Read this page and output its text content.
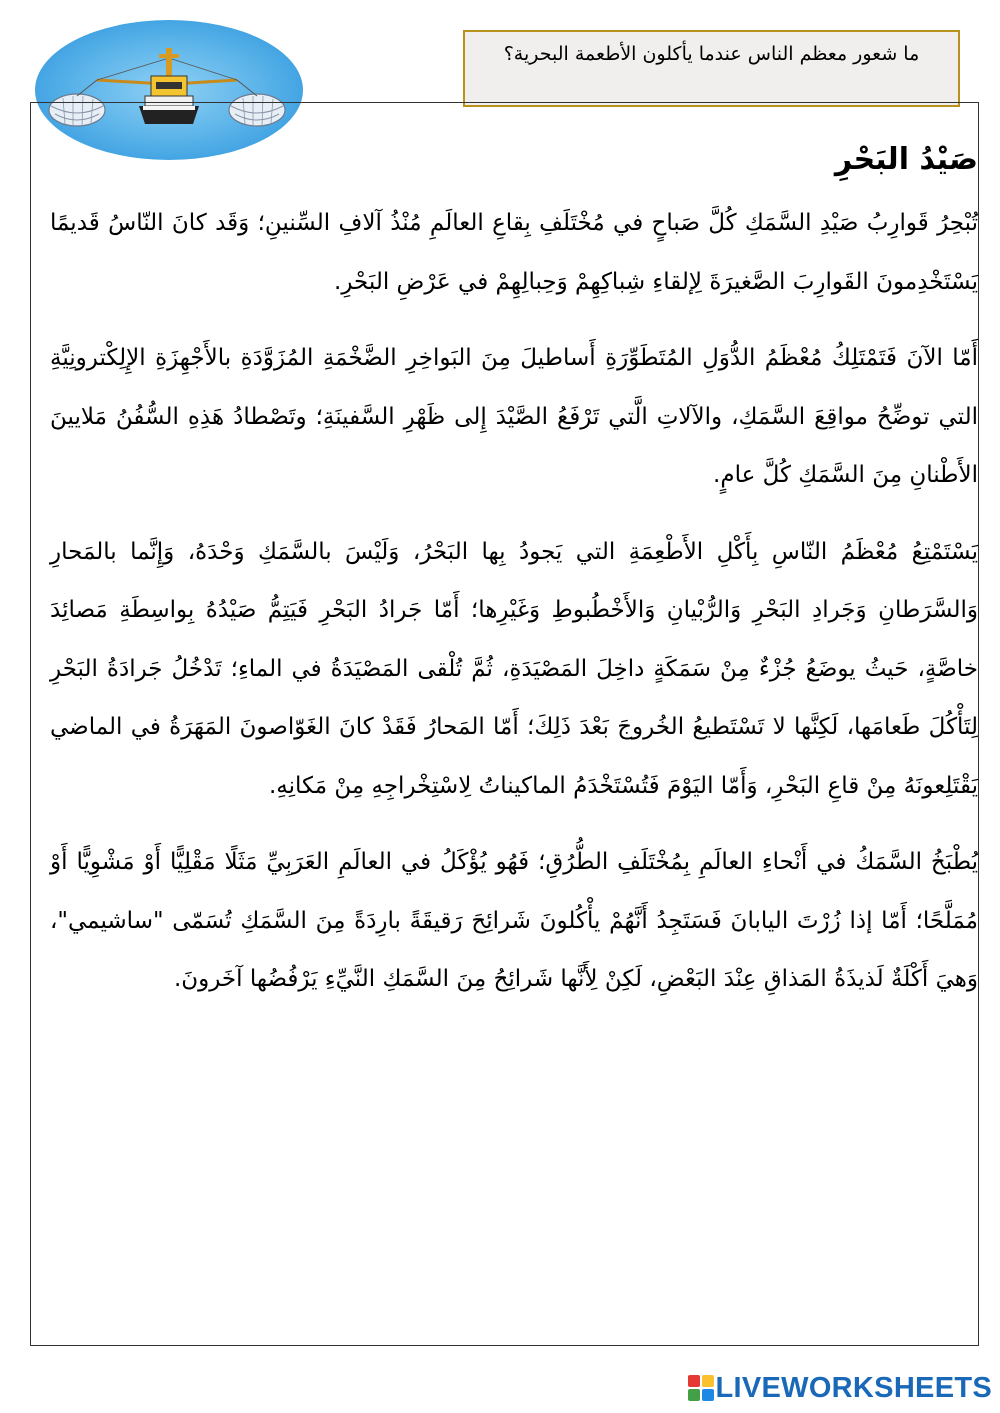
ما شعور معظم الناس عندما يأكلون الأطعمة البحرية؟
صَيْدُ البَحْرِ

تُبْحِرُ قَوارِبُ صَيْدِ السَّمَكِ كُلَّ صَباحٍ في مُخْتَلَفِ بِقاعِ العالَمِ مُنْذُ آلافِ السِّنينِ؛ وَقَد كانَ النّاسُ قَديمًا يَسْتَخْدِمونَ القَوارِبَ الصَّغيرَةَ لِإلقاءِ شِباكِهِمْ وَحِبالِهِمْ في عَرْضِ البَحْرِ.

أَمّا الآنَ فَتَمْتَلِكُ مُعْظَمُ الدُّوَلِ المُتَطَوِّرَةِ أَساطيلَ مِنَ البَواخِرِ الضَّخْمَةِ المُزَوَّدَةِ بالأَجْهِزَةِ الإِلِكْترونِيَّةِ التي توضِّحُ مواقِعَ السَّمَكِ، والآلاتِ الَّتي تَرْفَعُ الصَّيْدَ إِلى ظَهْرِ السَّفينَةِ؛ وتَصْطادُ هَذِهِ السُّفُنُ مَلايينَ الأَطْنانِ مِنَ السَّمَكِ كُلَّ عامٍ.

يَسْتَمْتِعُ مُعْظَمُ النّاسِ بِأَكْلِ الأَطْعِمَةِ التي يَجودُ بِها البَحْرُ، وَلَيْسَ بالسَّمَكِ وَحْدَهُ، وَإِنَّما بالمَحارِ وَالسَّرَطانِ وَجَرادِ البَحْرِ وَالرُّبْيانِ وَالأَخْطُبوطِ وَغَيْرِها؛ أَمّا جَرادُ البَحْرِ فَيَتِمُّ صَيْدُهُ بِواسِطَةِ مَصائِدَ خاصَّةٍ، حَيثُ يوضَعُ جُزْءٌ مِنْ سَمَكَةٍ داخِلَ المَصْيَدَةِ، ثُمَّ تُلْقى المَصْيَدَةُ في الماءِ؛ تَدْخُلُ جَرادَةُ البَحْرِ لِتَأْكُلَ طَعامَها، لَكِنَّها لا تَسْتَطيعُ الخُروجَ بَعْدَ ذَلِكَ؛ أَمّا المَحارُ فَقَدْ كانَ الغَوّاصونَ المَهَرَةُ في الماضي يَقْتَلِعونَهُ مِنْ قاعِ البَحْرِ، وَأَمّا اليَوْمَ فَتُسْتَخْدَمُ الماكيناتُ لِاسْتِخْراجِهِ مِنْ مَكانِهِ.

يُطْبَخُ السَّمَكُ في أَنْحاءِ العالَمِ بِمُخْتَلَفِ الطُّرُقِ؛ فَهُو يُؤْكَلُ في العالَمِ العَرَبِيِّ مَثَلًا مَقْلِيًّا أَوْ مَشْوِيًّا أَوْ مُمَلَّحًا؛ أَمّا إذا زُرْتَ اليابانَ فَسَتَجِدُ أَنَّهُمْ يأْكُلونَ شَرائِحَ رَقيقَةً بارِدَةً مِنَ السَّمَكِ تُسَمّى "ساشيمي"، وَهيَ أَكْلَةٌ لَذيذَةُ المَذاقِ عِنْدَ البَعْضِ، لَكِنْ لِأَنَّها شَرائِحُ مِنَ السَّمَكِ النَّيِّءِ يَرْفُضُها آخَرونَ.

LIVEWORKSHEETS
